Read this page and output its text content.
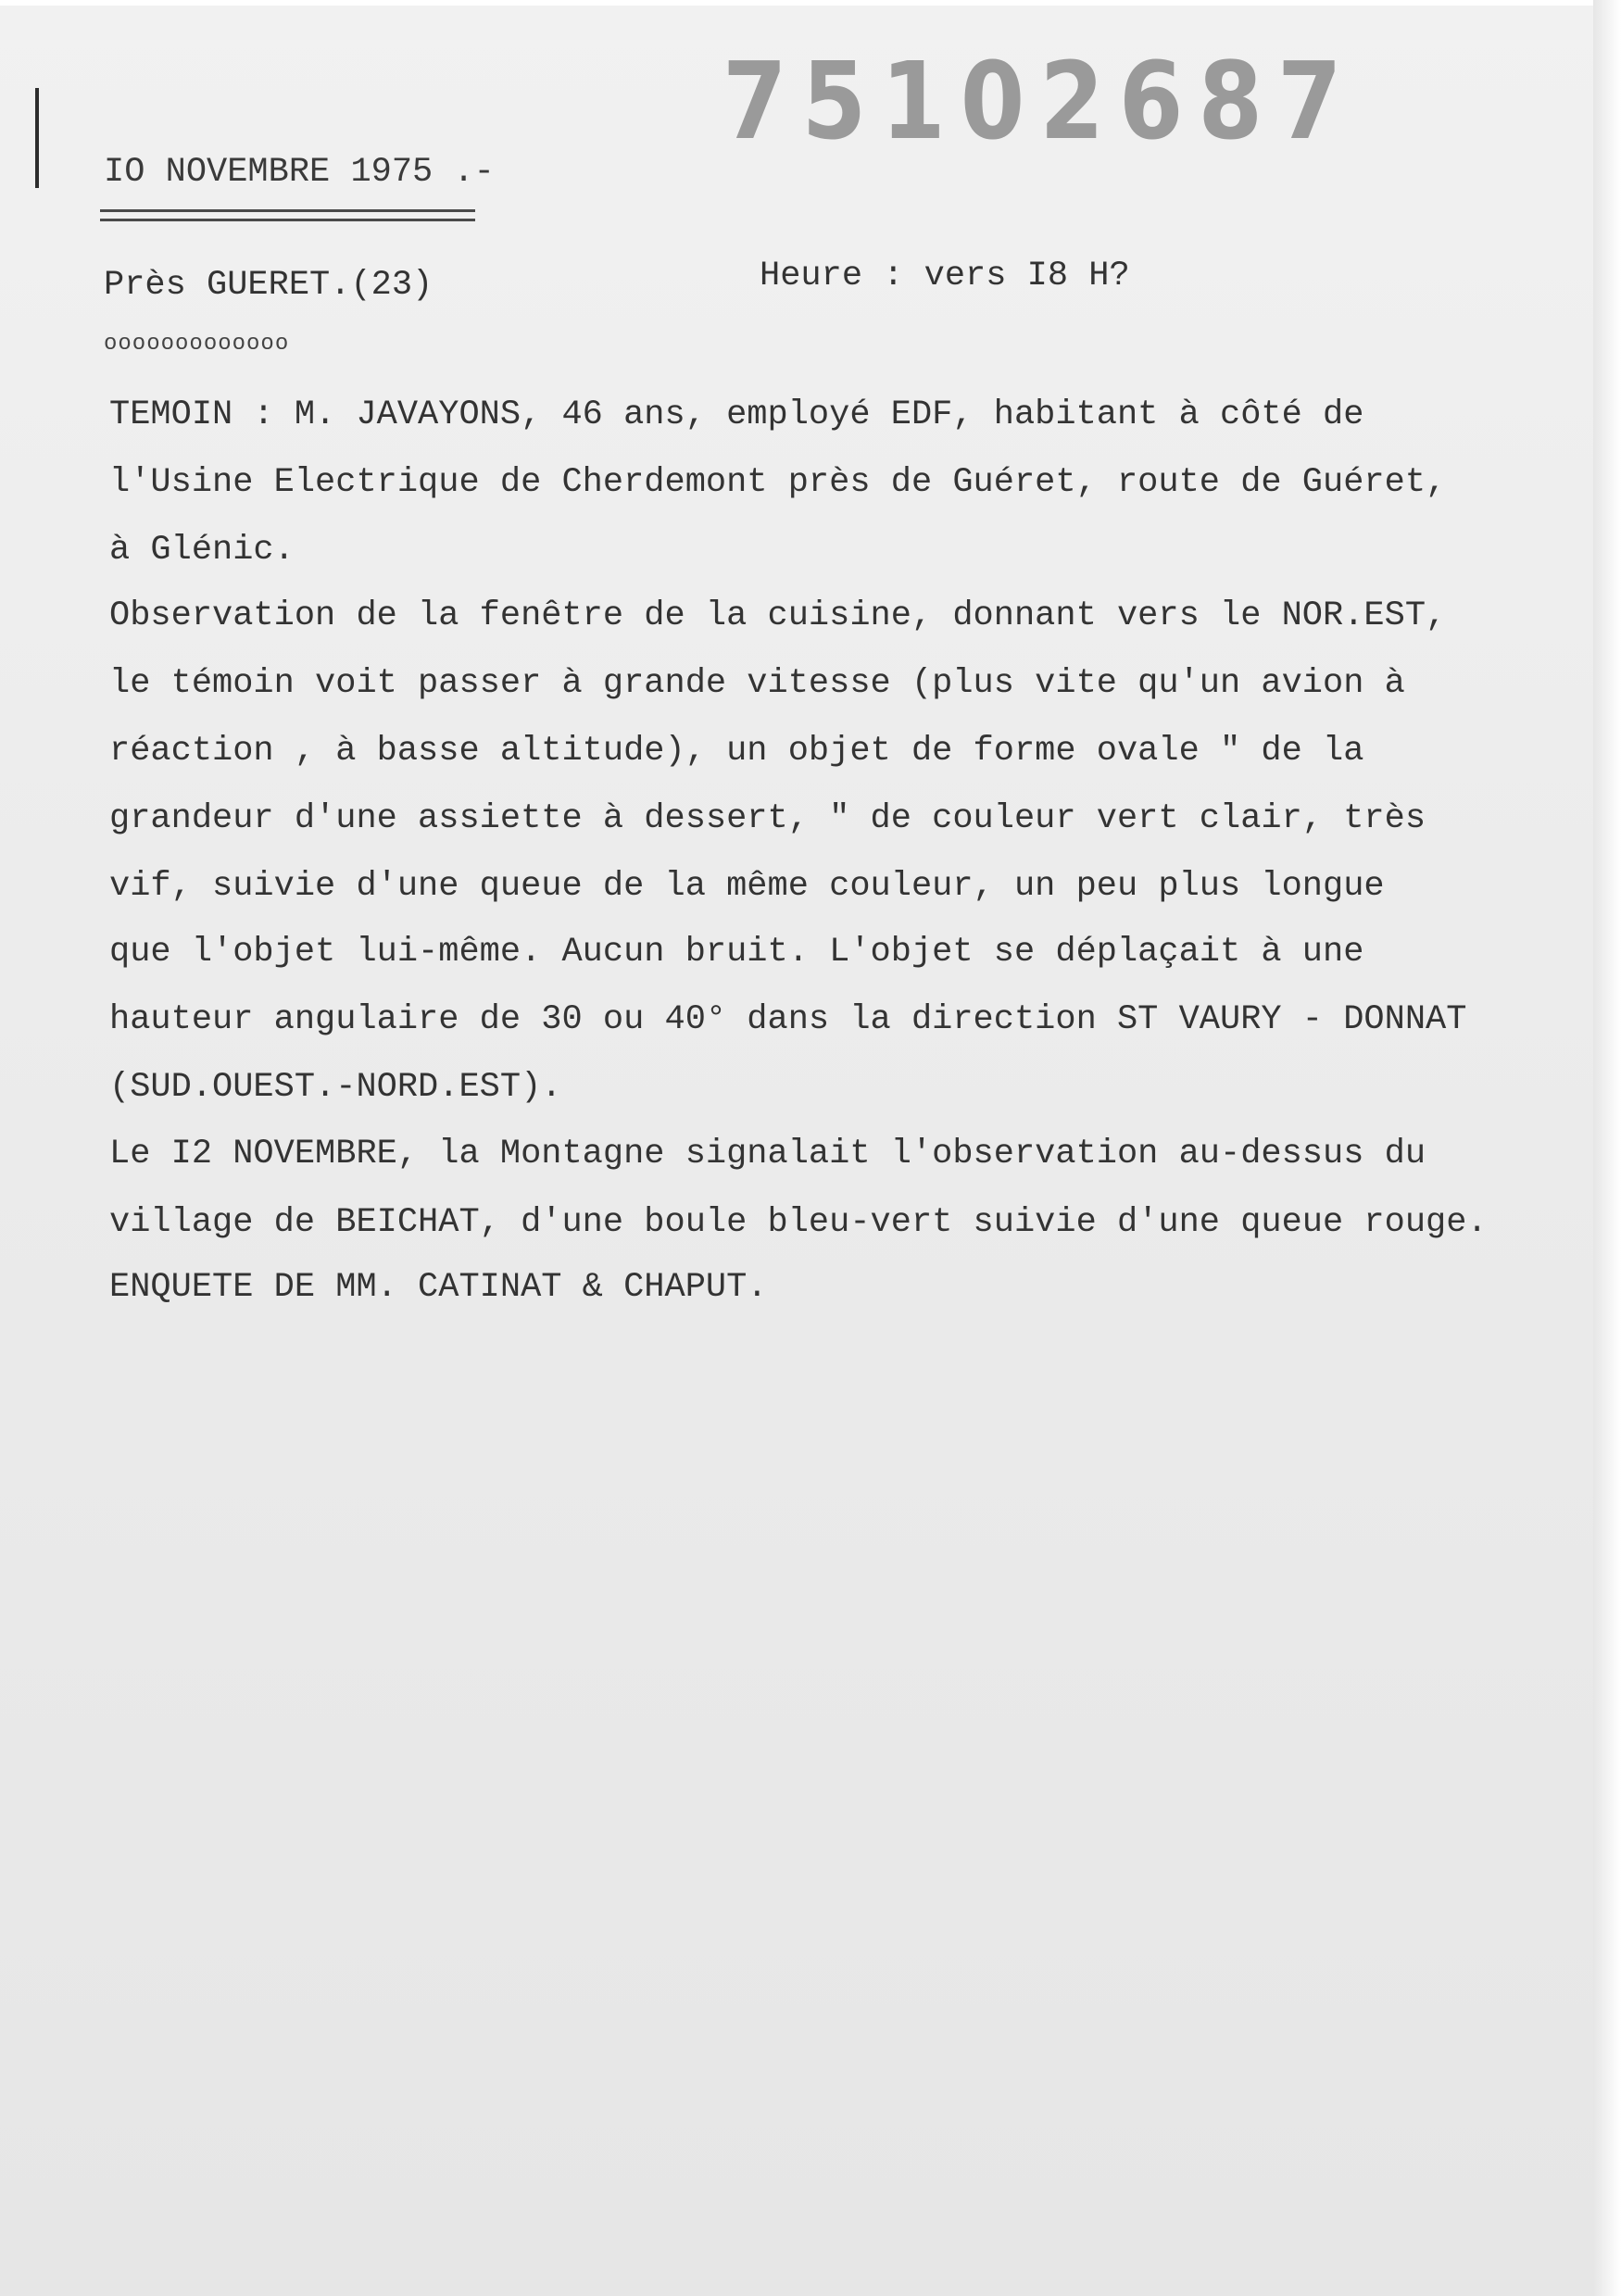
75102687
IO NOVEMBRE 1975 .-
Près GUERET.(23)	Heure : vers I8 H?
ooooooooooooo
TEMOIN : M. JAVAYONS, 46 ans, employé EDF, habitant à côté de
l'Usine Electrique de Cherdemont près de Guéret, route de Guéret,
à Glénic.
Observation de la fenêtre de la cuisine, donnant vers le NOR.EST,
le témoin voit passer à grande vitesse (plus vite qu'un avion à
réaction , à basse altitude), un objet de forme ovale " de la
grandeur d'une assiette à dessert, " de couleur vert clair, très
vif, suivie d'une queue de la même couleur, un peu plus longue
que l'objet lui-même. Aucun bruit. L'objet se déplaçait à une
hauteur angulaire de 30 ou 40° dans la direction ST VAURY - DONNAT
(SUD.OUEST.-NORD.EST).
Le I2 NOVEMBRE, la Montagne signalait l'observation au-dessus du
village de BEICHAT, d'une boule bleu-vert suivie d'une queue rouge.
ENQUETE DE MM. CATINAT & CHAPUT.
